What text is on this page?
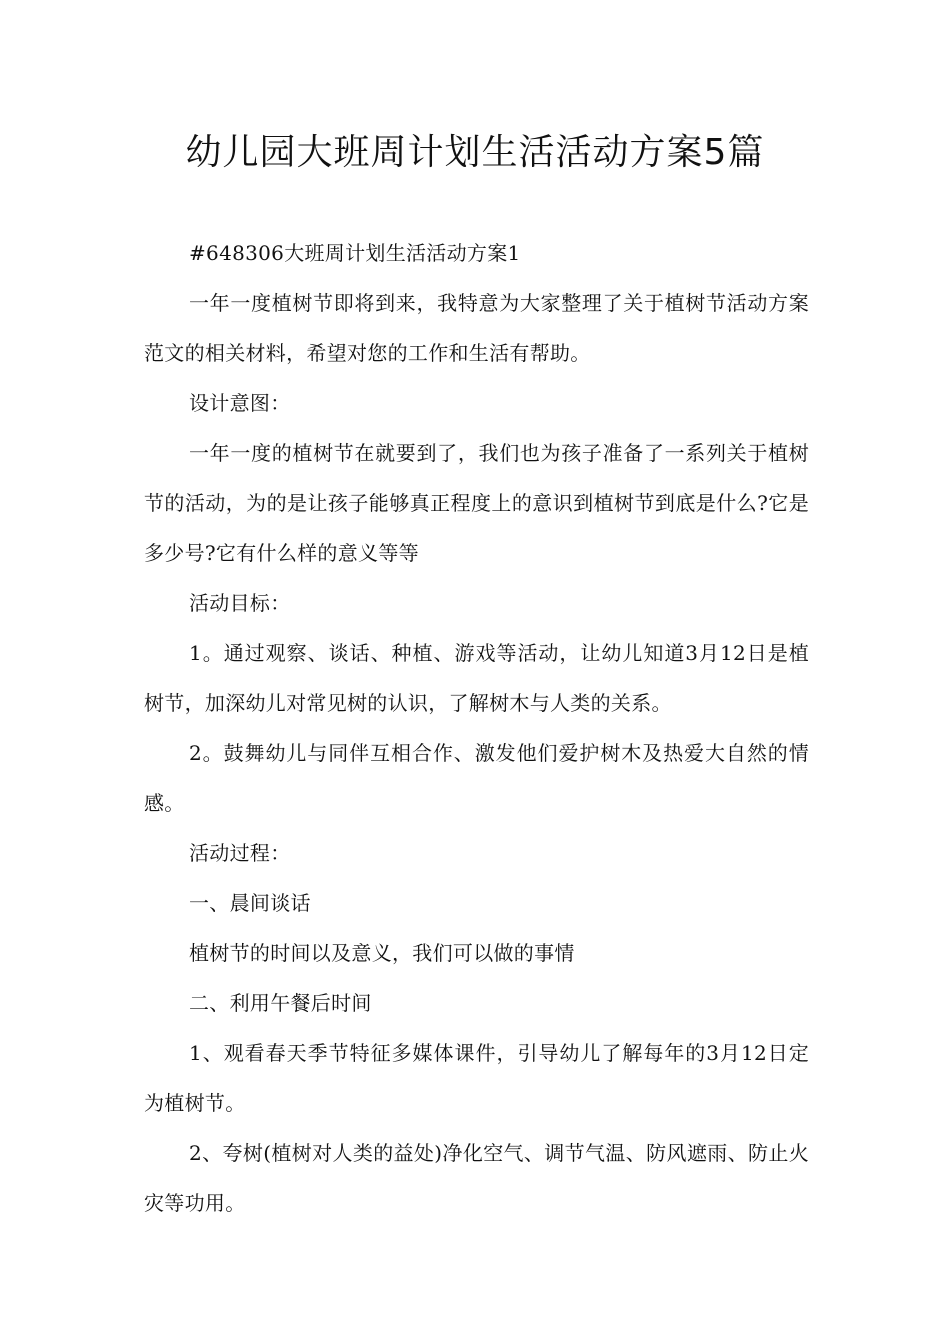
幼儿园大班周计划生活活动方案5篇

#648306大班周计划生活活动方案1

一年一度植树节即将到来，我特意为大家整理了关于植树节活动方案范文的相关材料，希望对您的工作和生活有帮助。

设计意图：

一年一度的植树节在就要到了，我们也为孩子准备了一系列关于植树节的活动，为的是让孩子能够真正程度上的意识到植树节到底是什么?它是多少号?它有什么样的意义等等

活动目标：

1。通过观察、谈话、种植、游戏等活动，让幼儿知道3月12日是植树节，加深幼儿对常见树的认识，了解树木与人类的关系。

2。鼓舞幼儿与同伴互相合作、激发他们爱护树木及热爱大自然的情感。

活动过程：

一、晨间谈话

植树节的时间以及意义，我们可以做的事情

二、利用午餐后时间

1、观看春天季节特征多媒体课件，引导幼儿了解每年的3月12日定为植树节。

2、夸树(植树对人类的益处)净化空气、调节气温、防风遮雨、防止火灾等功用。
